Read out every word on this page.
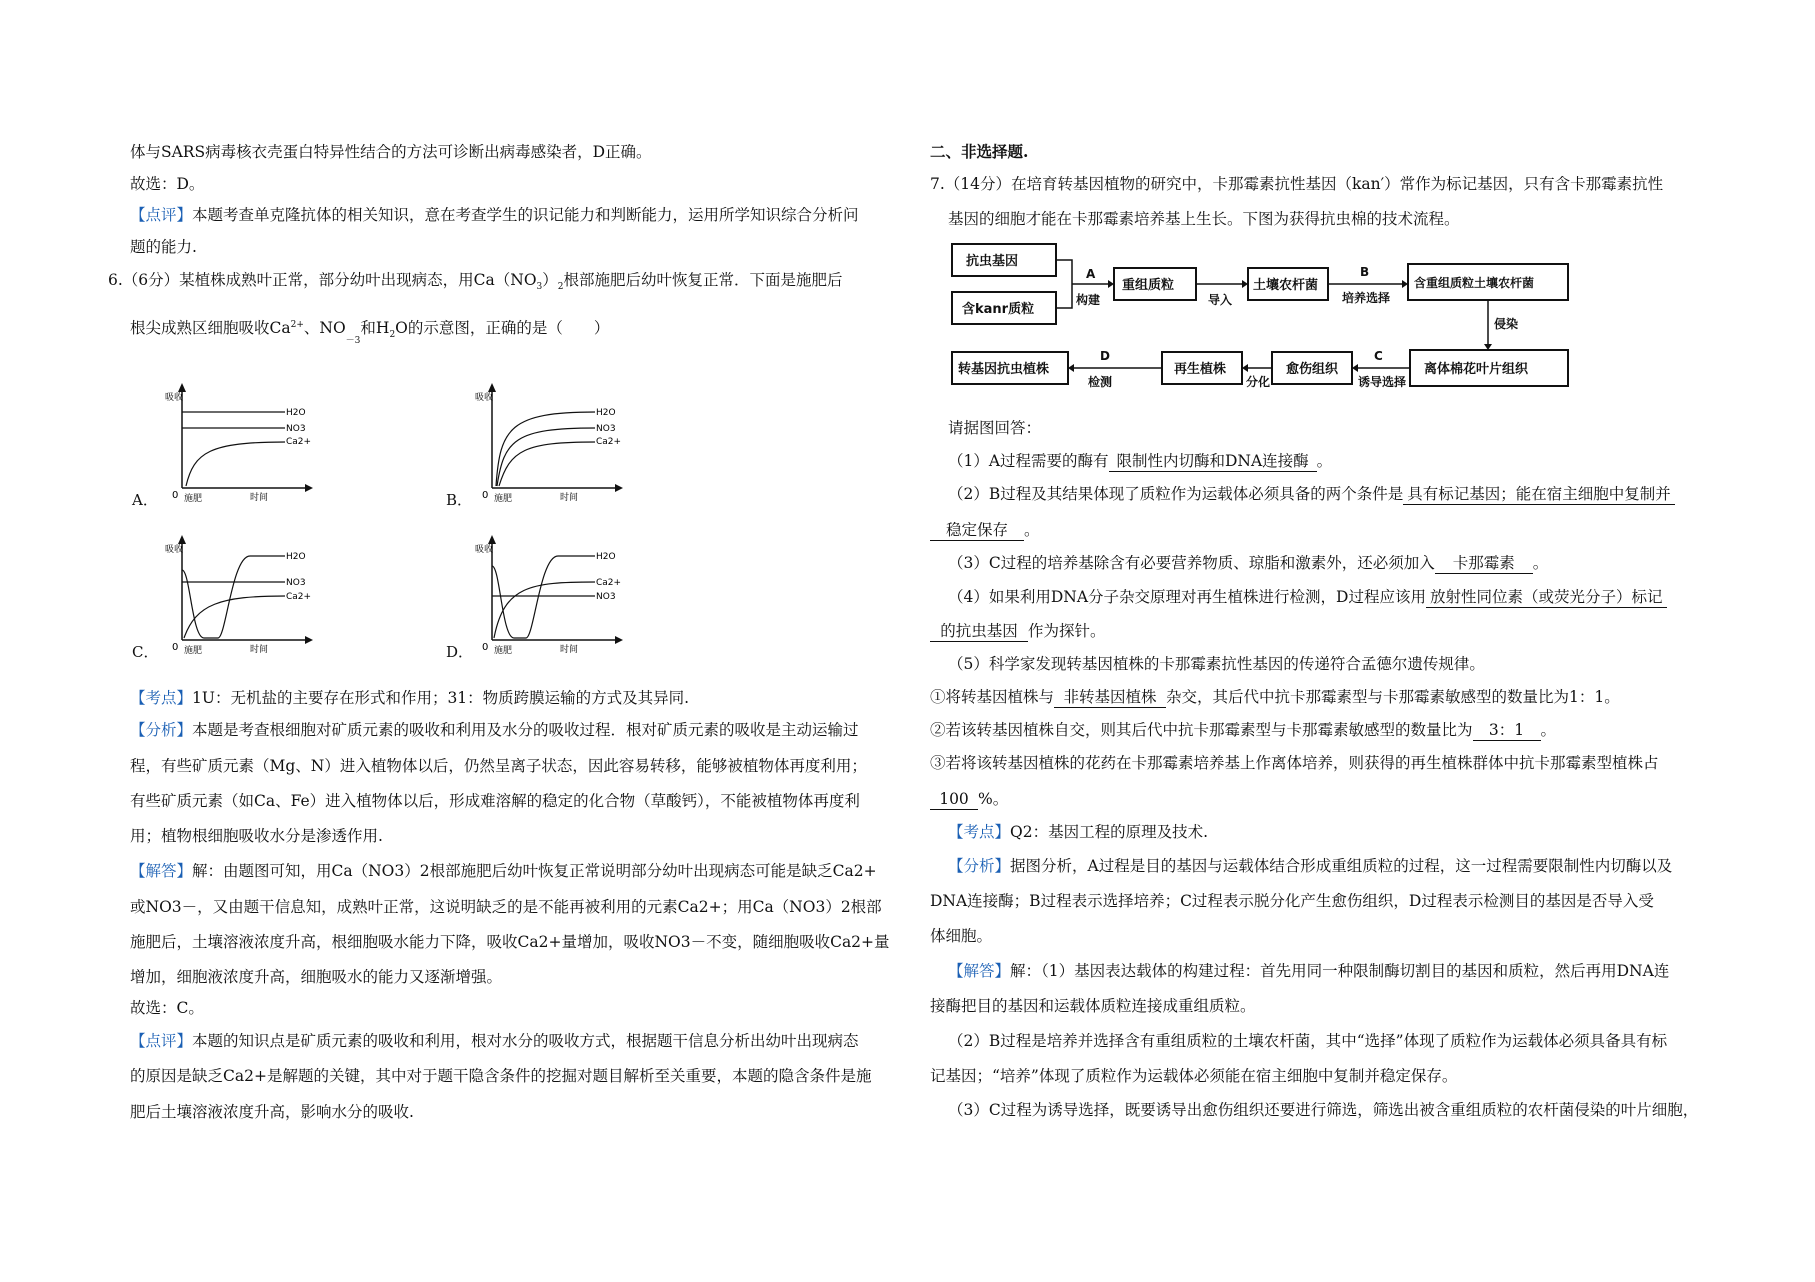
体与SARS病毒核衣壳蛋白特异性结合的方法可诊断出病毒感染者，D正确。
故选：D。
【点评】本题考查单克隆抗体的相关知识，意在考查学生的识记能力和判断能力，运用所学知识综合分析问
题的能力.
6.（6分）某植株成熟叶正常，部分幼叶出现病态，用$Ca(NO_3)_2$根部施肥后幼叶恢复正常．下面是施肥后
根尖成熟区细胞吸收$Ca^{2+}$、$NO_{-3}$和$H_2O$的示意图，正确的是（　　）
吸收
H2O
NO3
Ca2+
0 施肥	时间
A．
吸收
H2O
NO3
Ca2+
0 施肥	时间
B．
吸收
H2O
NO3
Ca2+
0 施肥	时间
C．
吸收
H2O
Ca2+
NO3
0 施肥	时间
D．
【考点】1U：无机盐的主要存在形式和作用；31：物质跨膜运输的方式及其异同.
【分析】本题是考查根细胞对矿质元素的吸收和利用及水分的吸收过程．根对矿质元素的吸收是主动运输过
程，有些矿质元素（Mg、N）进入植物体以后，仍然呈离子状态，因此容易转移，能够被植物体再度利用；
有些矿质元素（如Ca、Fe）进入植物体以后，形成难溶解的稳定的化合物（草酸钙），不能被植物体再度利
用；植物根细胞吸收水分是渗透作用.
【解答】解：由题图可知，用Ca（NO3）2根部施肥后幼叶恢复正常说明部分幼叶出现病态可能是缺乏Ca2+
或NO3－，又由题干信息知，成熟叶正常，这说明缺乏的是不能再被利用的元素Ca2+；用Ca（NO3）2根部
施肥后，土壤溶液浓度升高，根细胞吸水能力下降，吸收Ca2+量增加，吸收NO3－不变，随细胞吸收Ca2+量
增加，细胞液浓度升高，细胞吸水的能力又逐渐增强。
故选：C。
【点评】本题的知识点是矿质元素的吸收和利用，根对水分的吸收方式，根据题干信息分析出幼叶出现病态
的原因是缺乏Ca2+是解题的关键，其中对于题干隐含条件的挖掘对题目解析至关重要，本题的隐含条件是施
肥后土壤溶液浓度升高，影响水分的吸收.
二、非选择题.
7.（14分）在培育转基因植物的研究中，卡那霉素抗性基因（kan′）常作为标记基因，只有含卡那霉素抗性
基因的细胞才能在卡那霉素培养基上生长。下图为获得抗虫棉的技术流程。
抗虫基因
含kanr质粒
重组质粒	土壤农杆菌	含重组质粒土壤农杆菌
离体棉花叶片组织
愈伤组织
再生植株
转基因抗虫植株
A
构建	导入
B
培养选择
侵染
C
诱导选择
分化
D
检测
请据图回答：
（1）A过程需要的酶有 限制性内切酶和DNA连接酶 。
（2）B过程及其结果体现了质粒作为运载体必须具备的两个条件是 具有标记基因；能在宿主细胞中复制并
稳定保存 。
（3）C过程的培养基除含有必要营养物质、琼脂和激素外，还必须加入 卡那霉素 。
（4）如果利用DNA分子杂交原理对再生植株进行检测，D过程应该用 放射性同位素（或荧光分子）标记
的抗虫基因 作为探针。
（5）科学家发现转基因植株的卡那霉素抗性基因的传递符合孟德尔遗传规律。
①将转基因植株与 非转基因植株 杂交，其后代中抗卡那霉素型与卡那霉素敏感型的数量比为1：1。
②若该转基因植株自交，则其后代中抗卡那霉素型与卡那霉素敏感型的数量比为 3：1 。
③若将该转基因植株的花药在卡那霉素培养基上作离体培养，则获得的再生植株群体中抗卡那霉素型植株占
100 %。
【考点】Q2：基因工程的原理及技术.
【分析】据图分析，A过程是目的基因与运载体结合形成重组质粒的过程，这一过程需要限制性内切酶以及
DNA连接酶；B过程表示选择培养；C过程表示脱分化产生愈伤组织，D过程表示检测目的基因是否导入受
体细胞。
【解答】解：（1）基因表达载体的构建过程：首先用同一种限制酶切割目的基因和质粒，然后再用DNA连
接酶把目的基因和运载体质粒连接成重组质粒。
（2）B过程是培养并选择含有重组质粒的土壤农杆菌，其中“选择”体现了质粒作为运载体必须具备具有标
记基因；“培养”体现了质粒作为运载体必须能在宿主细胞中复制并稳定保存。
（3）C过程为诱导选择，既要诱导出愈伤组织还要进行筛选，筛选出被含重组质粒的农杆菌侵染的叶片细胞，
